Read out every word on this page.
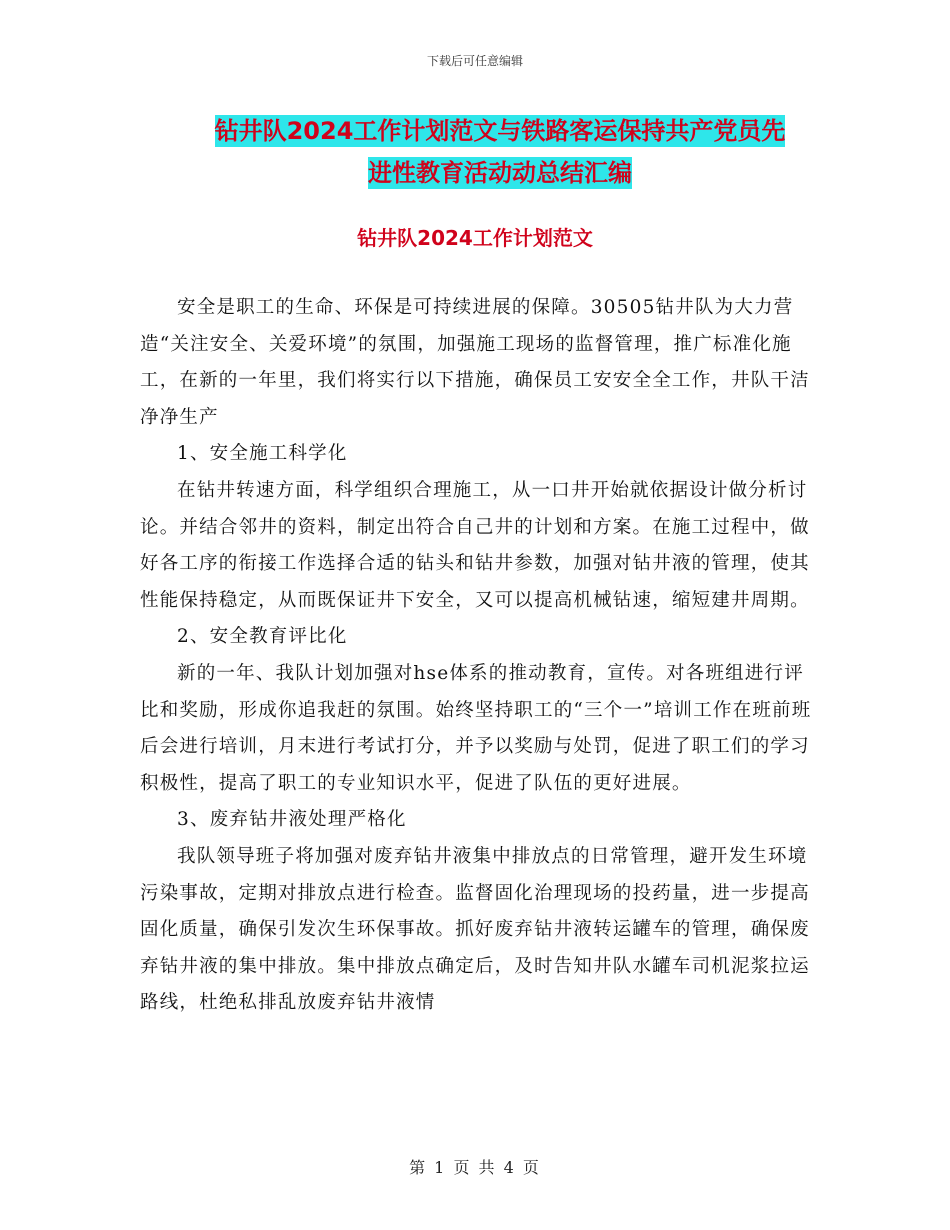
下载后可任意编辑
钻井队2024工作计划范文与铁路客运保持共产党员先
进性教育活动动总结汇编
钻井队2024工作计划范文

安全是职工的生命、环保是可持续进展的保障。30505钻井队为大力营造“关注安全、关爱环境”的氛围，加强施工现场的监督管理，推广标准化施工，在新的一年里，我们将实行以下措施，确保员工安安全全工作，井队干洁净净生产

1、安全施工科学化

在钻井转速方面，科学组织合理施工，从一口井开始就依据设计做分析讨论。并结合邻井的资料，制定出符合自己井的计划和方案。在施工过程中，做好各工序的衔接工作选择合适的钻头和钻井参数，加强对钻井液的管理，使其性能保持稳定，从而既保证井下安全，又可以提高机械钻速，缩短建井周期。

2、安全教育评比化

新的一年、我队计划加强对hse体系的推动教育，宣传。对各班组进行评比和奖励，形成你追我赶的氛围。始终坚持职工的“三个一”培训工作在班前班后会进行培训，月末进行考试打分，并予以奖励与处罚，促进了职工们的学习积极性，提高了职工的专业知识水平，促进了队伍的更好进展。

3、废弃钻井液处理严格化

我队领导班子将加强对废弃钻井液集中排放点的日常管理，避开发生环境污染事故，定期对排放点进行检查。监督固化治理现场的投药量，进一步提高固化质量，确保引发次生环保事故。抓好废弃钻井液转运罐车的管理，确保废弃钻井液的集中排放。集中排放点确定后，及时告知井队水罐车司机泥浆拉运路线，杜绝私排乱放废弃钻井液情

第 1 页 共 4 页
